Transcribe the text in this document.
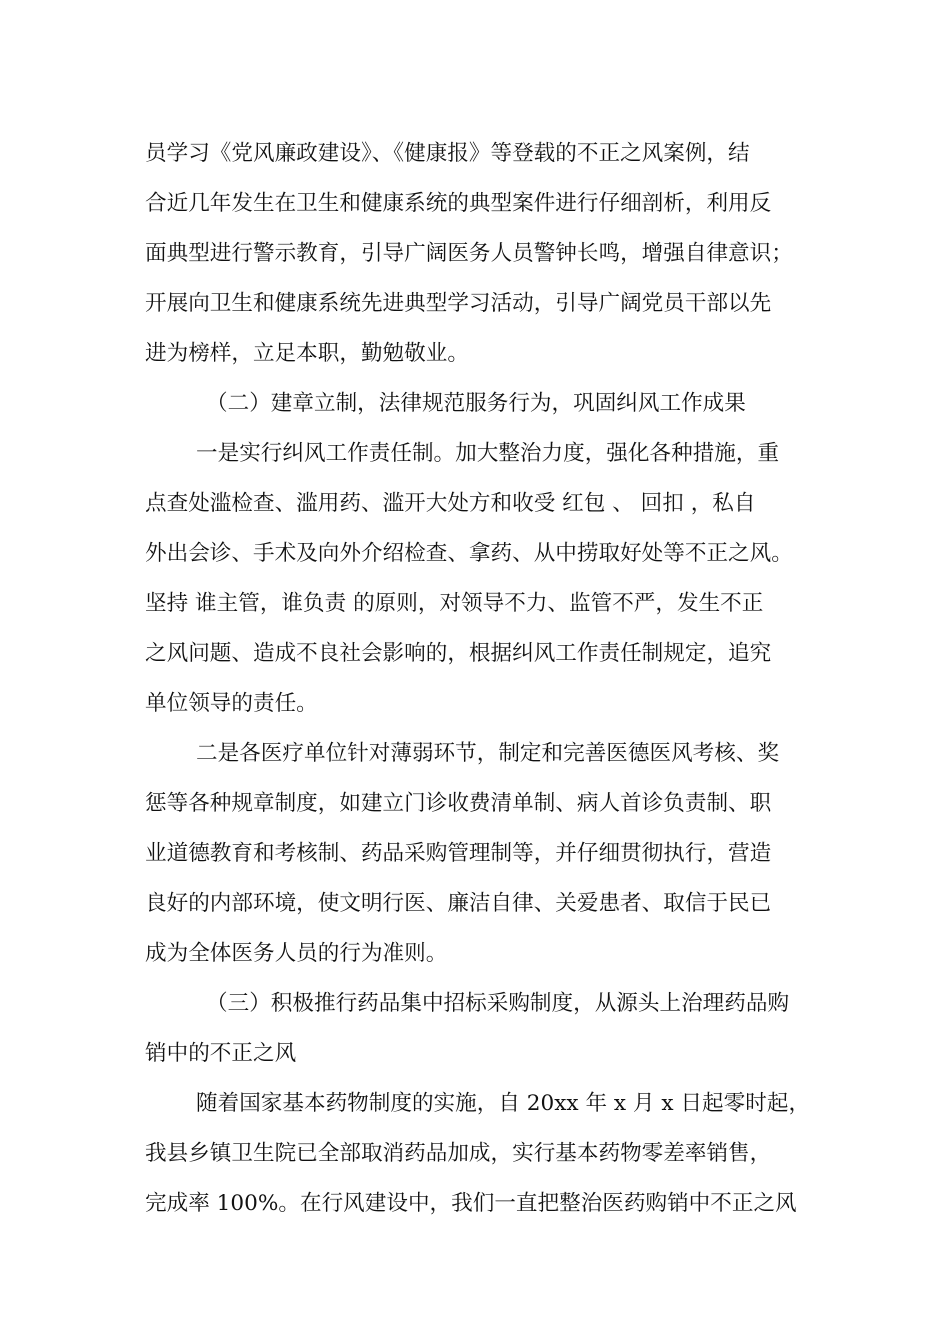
员学习《党风廉政建设》、《健康报》等登载的不正之风案例，结
合近几年发生在卫生和健康系统的典型案件进行仔细剖析，利用反
面典型进行警示教育，引导广阔医务人员警钟长鸣，增强自律意识；
开展向卫生和健康系统先进典型学习活动，引导广阔党员干部以先
进为榜样，立足本职，勤勉敬业。
（二）建章立制，法律规范服务行为，巩固纠风工作成果
一是实行纠风工作责任制。加大整治力度，强化各种措施，重
点查处滥检查、滥用药、滥开大处方和收受 红包 、 回扣 ，私自
外出会诊、手术及向外介绍检查、拿药、从中捞取好处等不正之风。
坚持 谁主管，谁负责 的原则，对领导不力、监管不严，发生不正
之风问题、造成不良社会影响的，根据纠风工作责任制规定，追究
单位领导的责任。
二是各医疗单位针对薄弱环节，制定和完善医德医风考核、奖
惩等各种规章制度，如建立门诊收费清单制、病人首诊负责制、职
业道德教育和考核制、药品采购管理制等，并仔细贯彻执行，营造
良好的内部环境，使文明行医、廉洁自律、关爱患者、取信于民已
成为全体医务人员的行为准则。
（三）积极推行药品集中招标采购制度，从源头上治理药品购
销中的不正之风
随着国家基本药物制度的实施，自 20xx 年 x 月 x 日起零时起，
我县乡镇卫生院已全部取消药品加成，实行基本药物零差率销售，
完成率 100%。在行风建设中，我们一直把整治医药购销中不正之风
